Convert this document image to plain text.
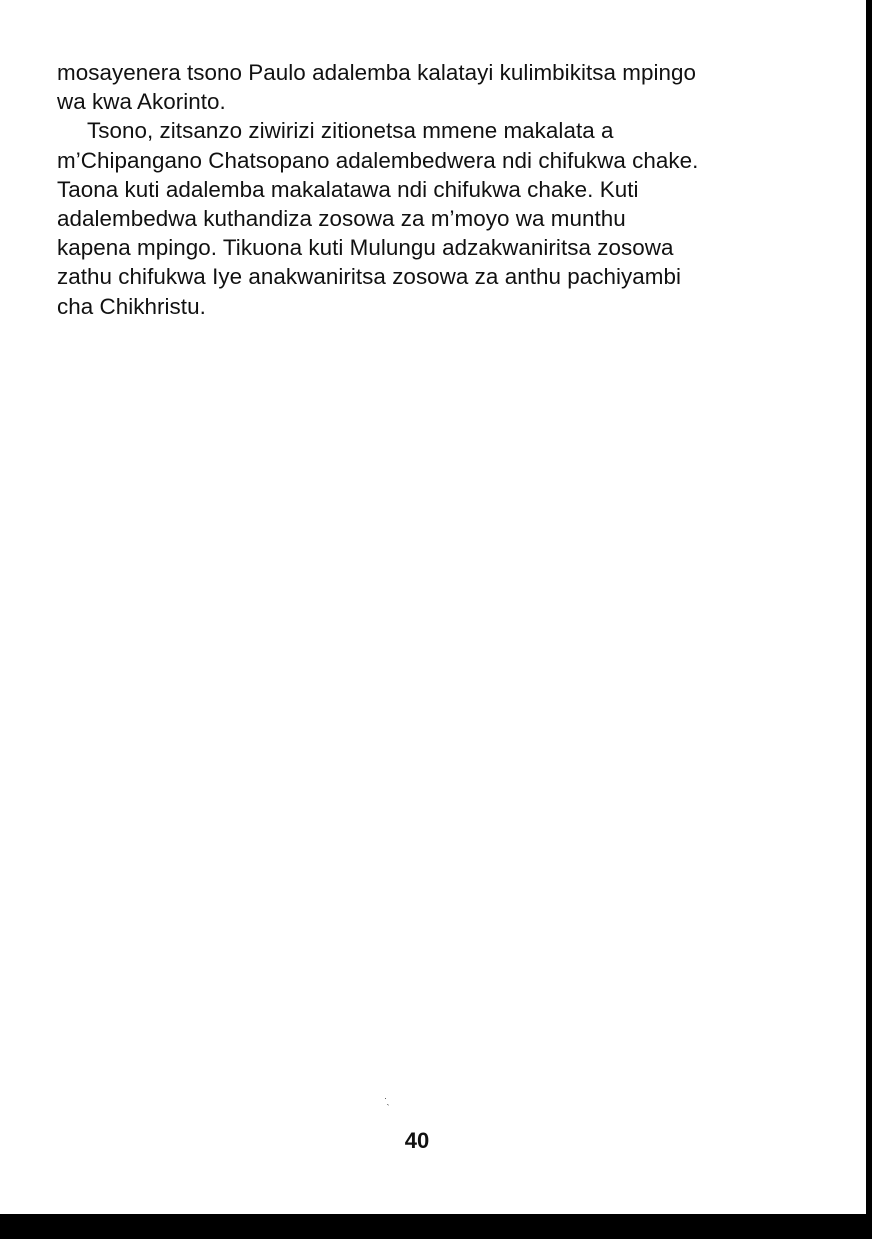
mosayenera tsono Paulo adalemba kalatayi kulimbikitsa mpingo
wa kwa Akorinto.

Tsono, zitsanzo ziwirizi zitionetsa mmene makalata a
m’Chipangano Chatsopano adalembedwera ndi chifukwa chake.
Taona kuti adalemba makalatawa ndi chifukwa chake. Kuti
adalembedwa kuthandiza zosowa za m’moyo wa munthu
kapena mpingo. Tikuona kuti Mulungu adzakwaniritsa zosowa
zathu chifukwa Iye anakwaniritsa zosowa za anthu pachiyambi
cha Chikhristu.

·
`
40
